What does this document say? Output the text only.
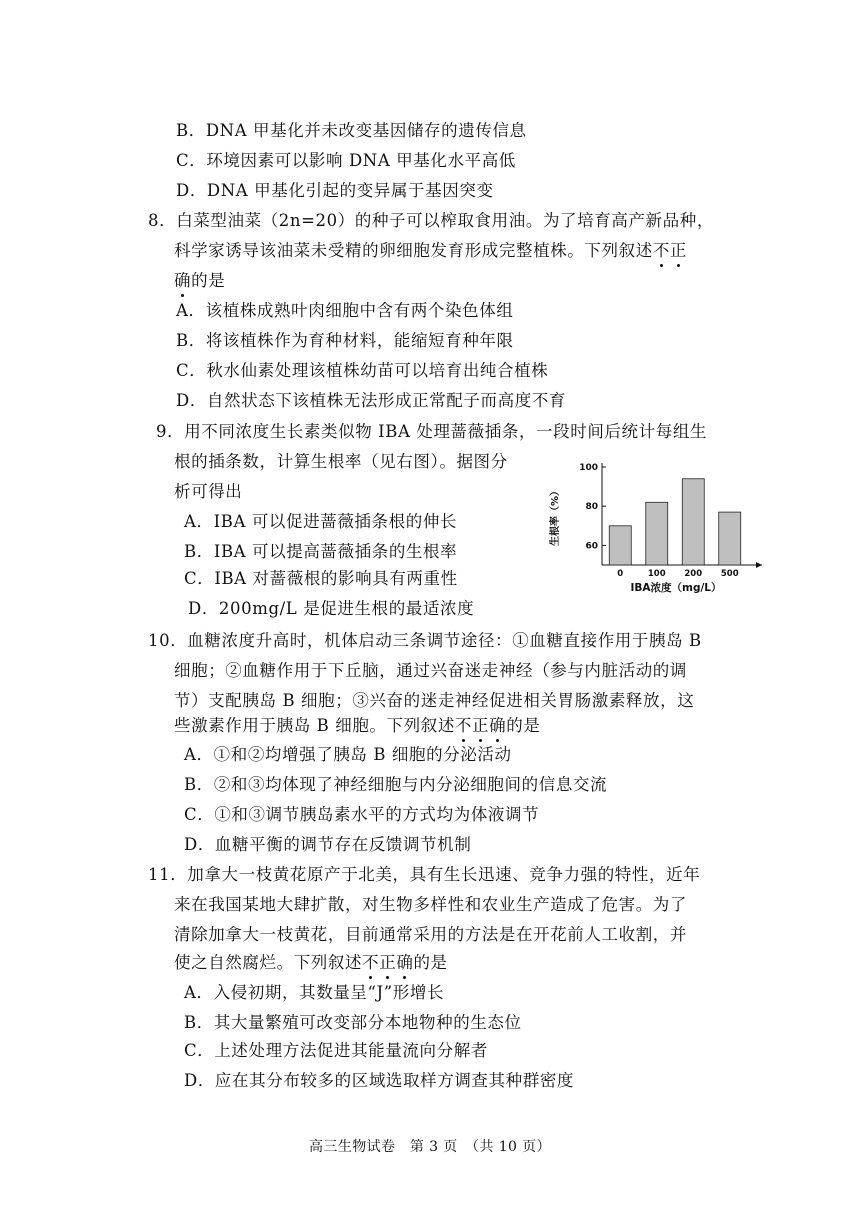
B．DNA 甲基化并未改变基因储存的遗传信息
C．环境因素可以影响 DNA 甲基化水平高低
D．DNA 甲基化引起的变异属于基因突变
8．白菜型油菜（2n=20）的种子可以榨取食用油。为了培育高产新品种，
科学家诱导该油菜未受精的卵细胞发育形成完整植株。下列叙述不正
确的是
A．该植株成熟叶肉细胞中含有两个染色体组
B．将该植株作为育种材料，能缩短育种年限
C．秋水仙素处理该植株幼苗可以培育出纯合植株
D．自然状态下该植株无法形成正常配子而高度不育
9．用不同浓度生长素类似物 IBA 处理蔷薇插条，一段时间后统计每组生
根的插条数，计算生根率（见右图）。据图分
析可得出
A．IBA 可以促进蔷薇插条根的伸长
B．IBA 可以提高蔷薇插条的生根率
C．IBA 对蔷薇根的影响具有两重性
D．200mg/L 是促进生根的最适浓度
60
80
100
0	100 200 500
IBA浓度（mg/L）
生根率（%）
10．血糖浓度升高时，机体启动三条调节途径：①血糖直接作用于胰岛 B
细胞；②血糖作用于下丘脑，通过兴奋迷走神经（参与内脏活动的调
节）支配胰岛 B 细胞；③兴奋的迷走神经促进相关胃肠激素释放，这
些激素作用于胰岛 B 细胞。下列叙述不正确的是
A．①和②均增强了胰岛 B 细胞的分泌活动
B．②和③均体现了神经细胞与内分泌细胞间的信息交流
C．①和③调节胰岛素水平的方式均为体液调节
D．血糖平衡的调节存在反馈调节机制
11．加拿大一枝黄花原产于北美，具有生长迅速、竞争力强的特性，近年
来在我国某地大肆扩散，对生物多样性和农业生产造成了危害。为了
清除加拿大一枝黄花，目前通常采用的方法是在开花前人工收割，并
使之自然腐烂。下列叙述不正确的是
A．入侵初期，其数量呈“J”形增长
B．其大量繁殖可改变部分本地物种的生态位
C．上述处理方法促进其能量流向分解者
D．应在其分布较多的区域选取样方调查其种群密度
高三生物试卷　第 3 页　（共 10 页）
